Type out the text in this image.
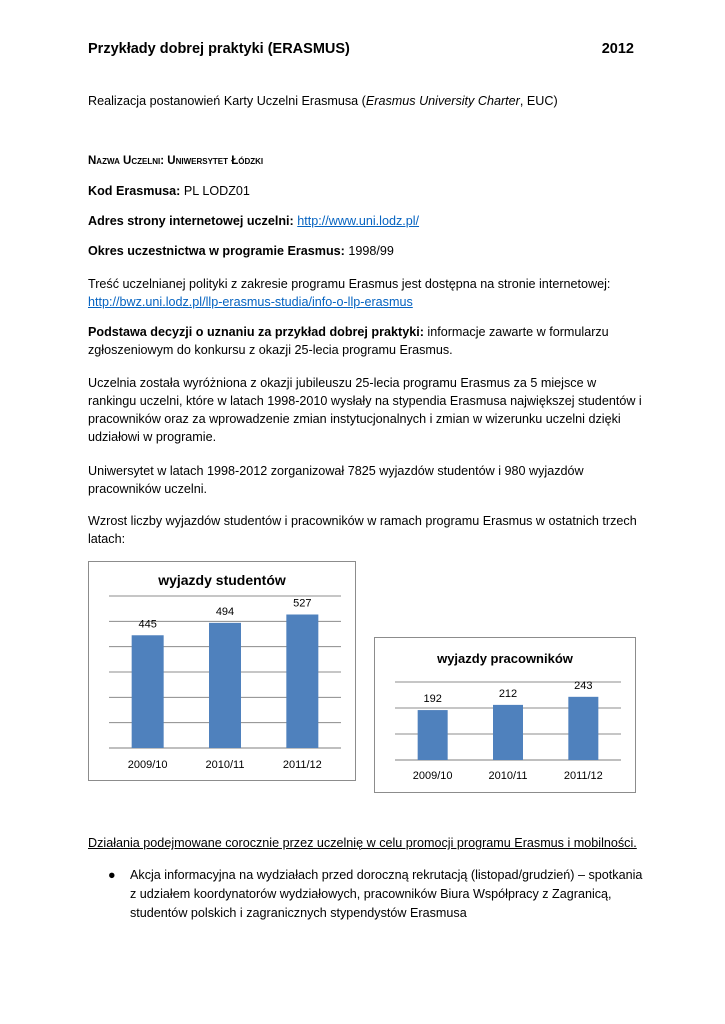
Przykłady dobrej praktyki (ERASMUS)	2012

Realizacja postanowień Karty Uczelni Erasmusa (Erasmus University Charter, EUC)

Nazwa Uczelni: Uniwersytet Łódzki

Kod Erasmusa: PL LODZ01

Adres strony internetowej uczelni: http://www.uni.lodz.pl/

Okres uczestnictwa w programie Erasmus: 1998/99

Treść uczelnianej polityki z zakresie programu Erasmus jest dostępna na stronie internetowej:
http://bwz.uni.lodz.pl/llp-erasmus-studia/info-o-llp-erasmus

Podstawa decyzji o uznaniu za przykład dobrej praktyki: informacje zawarte w formularzu zgłoszeniowym do konkursu z okazji 25-lecia programu Erasmus.

Uczelnia została wyróżniona z okazji jubileuszu 25-lecia programu Erasmus za 5 miejsce w rankingu uczelni, które w latach 1998-2010 wysłały na stypendia Erasmusa największej studentów i pracowników oraz za wprowadzenie zmian instytucjonalnych i zmian w wizerunku uczelni dzięki udziałowi w programie.

Uniwersytet w latach 1998-2012 zorganizował 7825 wyjazdów studentów i 980 wyjazdów pracowników uczelni.

Wzrost liczby wyjazdów studentów i pracowników w ramach programu Erasmus w ostatnich trzech latach:

wyjazdy studentów
445
2009/10
494
2010/11
527
2011/12
wyjazdy pracowników
192
2009/10
212
2010/11
243
2011/12

Działania podejmowane corocznie przez uczelnię w celu promocji programu Erasmus i mobilności.

● Akcja informacyjna na wydziałach przed doroczną rekrutacją (listopad/grudzień) – spotkania z udziałem koordynatorów wydziałowych, pracowników Biura Współpracy z Zagranicą, studentów polskich i zagranicznych stypendystów Erasmusa
